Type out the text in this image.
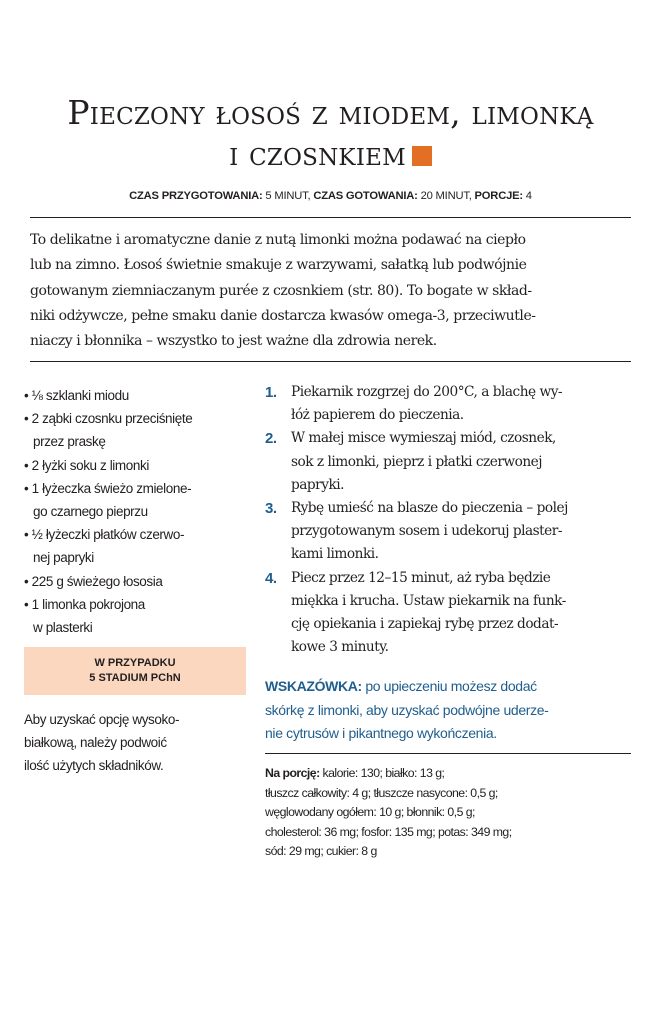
Pieczony łosoś z miodem, limonką
i czosnkiem
CZAS PRZYGOTOWANIA: 5 MINUT, CZAS GOTOWANIA: 20 MINUT, PORCJE: 4
To delikatne i aromatyczne danie z nutą limonki można podawać na ciepło
lub na zimno. Łosoś świetnie smakuje z warzywami, sałatką lub podwójnie
gotowanym ziemniaczanym purée z czosnkiem (str. 80). To bogate w skład-
niki odżywcze, pełne smaku danie dostarcza kwasów omega-3, przeciwutle-
niaczy i błonnika – wszystko to jest ważne dla zdrowia nerek.
• ⅛ szklanki miodu
• 2 ząbki czosnku przeciśnięte
przez praskę
• 2 łyżki soku z limonki
• 1 łyżeczka świeżo zmielone-
go czarnego pieprzu
• ½ łyżeczki płatków czerwo-
nej papryki
• 225 g świeżego łososia
• 1 limonka pokrojona
w plasterki
W PRZYPADKU
5 STADIUM PChN
Aby uzyskać opcję wysoko-
białkową, należy podwoić
ilość użytych składników.
1. Piekarnik rozgrzej do 200°C, a blachę wy-
łóż papierem do pieczenia.
2. W małej misce wymieszaj miód, czosnek,
sok z limonki, pieprz i płatki czerwonej
papryki.
3. Rybę umieść na blasze do pieczenia – polej
przygotowanym sosem i udekoruj plaster-
kami limonki.
4. Piecz przez 12–15 minut, aż ryba będzie
miękka i krucha. Ustaw piekarnik na funk-
cję opiekania i zapiekaj rybę przez dodat-
kowe 3 minuty.
WSKAZÓWKA: po upieczeniu możesz dodać
skórkę z limonki, aby uzyskać podwójne uderze-
nie cytrusów i pikantnego wykończenia.
Na porcję: kalorie: 130; białko: 13 g;
tłuszcz całkowity: 4 g; tłuszcze nasycone: 0,5 g;
węglowodany ogółem: 10 g; błonnik: 0,5 g;
cholesterol: 36 mg; fosfor: 135 mg; potas: 349 mg;
sód: 29 mg; cukier: 8 g
